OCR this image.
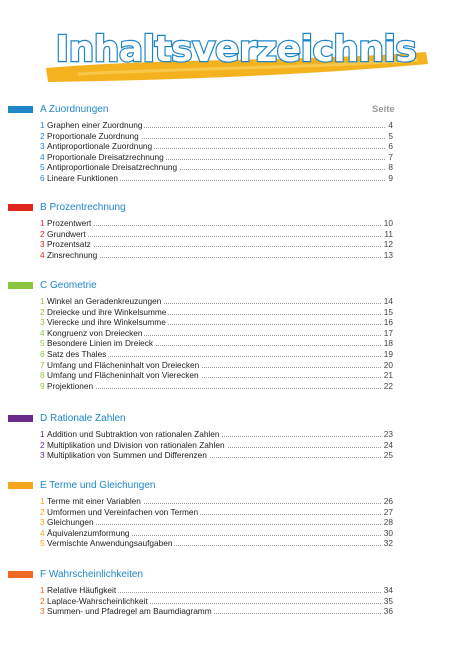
Inhaltsverzeichnis
Seite
A Zuordnungen
1 Graphen einer Zuordnung	4
2 Proportionale Zuordnung	5
3 Antiproportionale Zuordnung	6
4 Proportionale Dreisatzrechnung	7
5 Antiproportionale Dreisatzrechnung	8
6 Lineare Funktionen	9
B Prozentrechnung
1 Prozentwert	10
2 Grundwert	11
3 Prozentsatz	12
4 Zinsrechnung	13
C Geometrie
1 Winkel an Geradenkreuzungen	14
2 Dreiecke und ihre Winkelsumme	15
3 Vierecke und ihre Winkelsumme	16
4 Kongruenz von Dreiecken	17
5 Besondere Linien im Dreieck	18
6 Satz des Thales	19
7 Umfang und Flächeninhalt von Dreiecken	20
8 Umfang und Flächeninhalt von Vierecken	21
9 Projektionen	22
D Rationale Zahlen
1 Addition und Subtraktion von rationalen Zahlen	23
2 Multiplikation und Division von rationalen Zahlen	24
3 Multiplikation von Summen und Differenzen	25
E Terme und Gleichungen
1 Terme mit einer Variablen	26
2 Umformen und Vereinfachen von Termen	27
3 Gleichungen	28
4 Äquivalenzumformung	30
5 Vermischte Anwendungsaufgaben	32
F Wahrscheinlichkeiten
1 Relative Häufigkeit	34
2 Laplace-Wahrscheinlichkeit	35
3 Summen- und Pfadregel am Baumdiagramm	36
